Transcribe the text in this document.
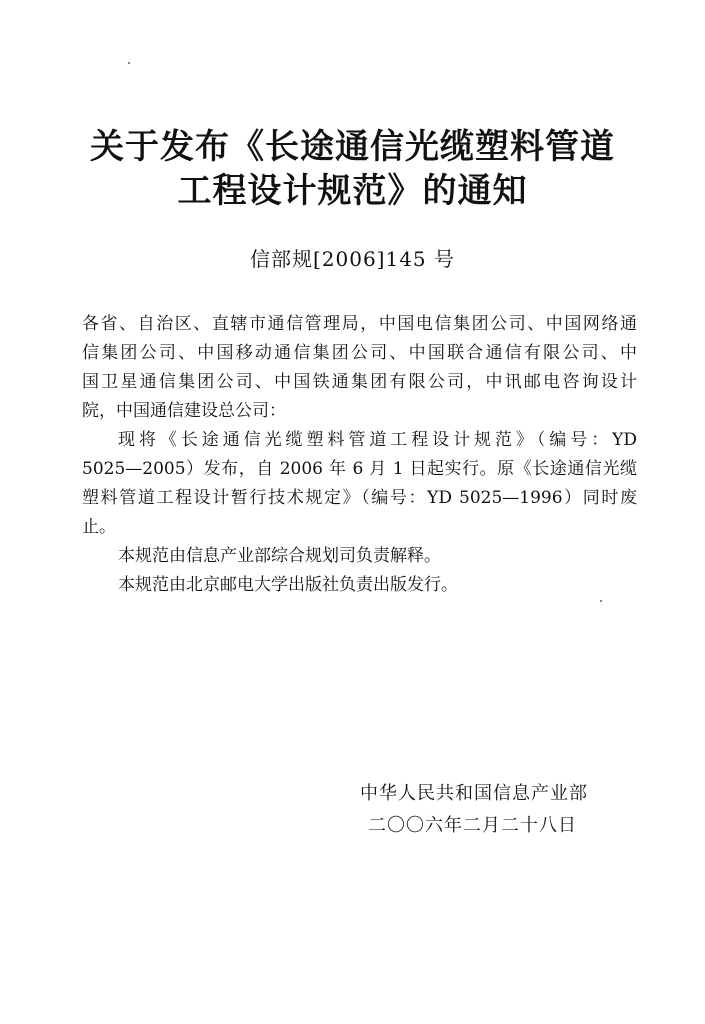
关于发布《长途通信光缆塑料管道
工程设计规范》的通知
信部规[2006]145 号
各省、自治区、直辖市通信管理局，中国电信集团公司、中国网络通
信集团公司、中国移动通信集团公司、中国联合通信有限公司、中
国卫星通信集团公司、中国铁通集团有限公司，中讯邮电咨询设计
院，中国通信建设总公司：
现将《长途通信光缆塑料管道工程设计规范》（编号：YD
5025—2005）发布，自 2006 年 6 月 1 日起实行。原《长途通信光缆
塑料管道工程设计暂行技术规定》（编号：YD 5025—1996）同时废
止。
本规范由信息产业部综合规划司负责解释。
本规范由北京邮电大学出版社负责出版发行。
中华人民共和国信息产业部
二〇〇六年二月二十八日
